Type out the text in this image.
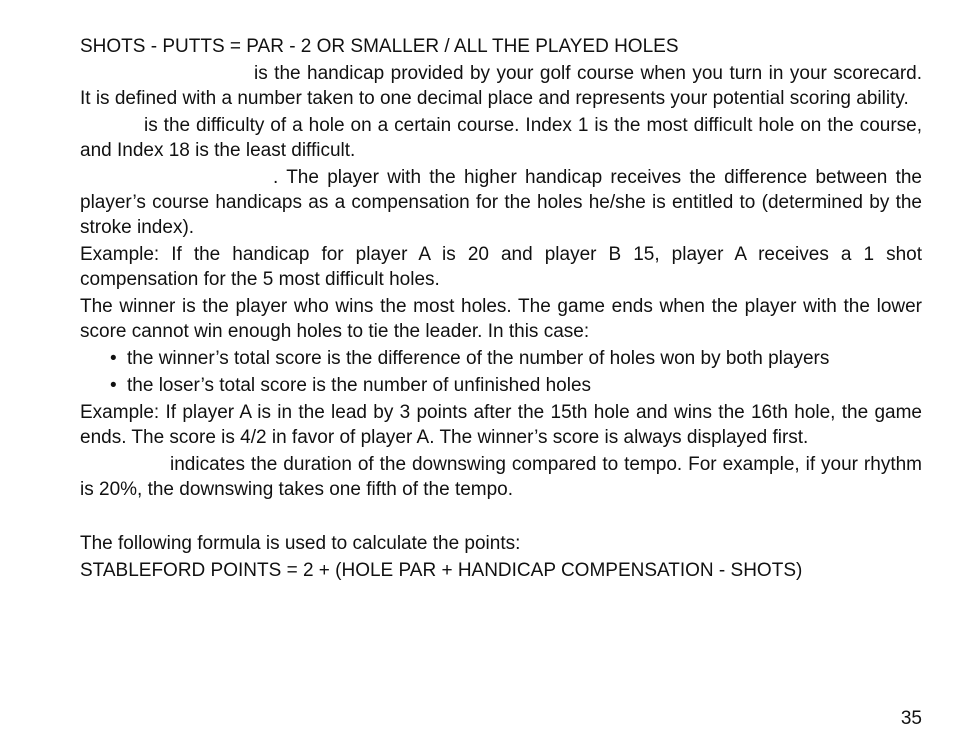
SHOTS - PUTTS = PAR - 2 OR SMALLER / ALL THE PLAYED HOLES

is the handicap provided by your golf course when you turn in your scorecard. It is defined with a number taken to one decimal place and represents your potential scoring ability.

is the difficulty of a hole on a certain course. Index 1 is the most difficult hole on the course, and Index 18 is the least difficult.

. The player with the higher handicap receives the difference between the player’s course handicaps as a compensation for the holes he/she is entitled to (determined by the stroke index).

Example: If the handicap for player A is 20 and player B 15, player A receives a 1 shot compensation for the 5 most difficult holes.

The winner is the player who wins the most holes. The game ends when the player with the lower score cannot win enough holes to tie the leader. In this case:

• the winner’s total score is the difference of the number of holes won by both players
• the loser’s total score is the number of unfinished holes

Example: If player A is in the lead by 3 points after the 15th hole and wins the 16th hole, the game ends. The score is 4/2 in favor of player A. The winner’s score is always displayed first.

indicates the duration of the downswing compared to tempo. For example, if your rhythm is 20%, the downswing takes one fifth of the tempo.

The following formula is used to calculate the points:

STABLEFORD POINTS = 2 + (HOLE PAR + HANDICAP COMPENSATION - SHOTS)

35
